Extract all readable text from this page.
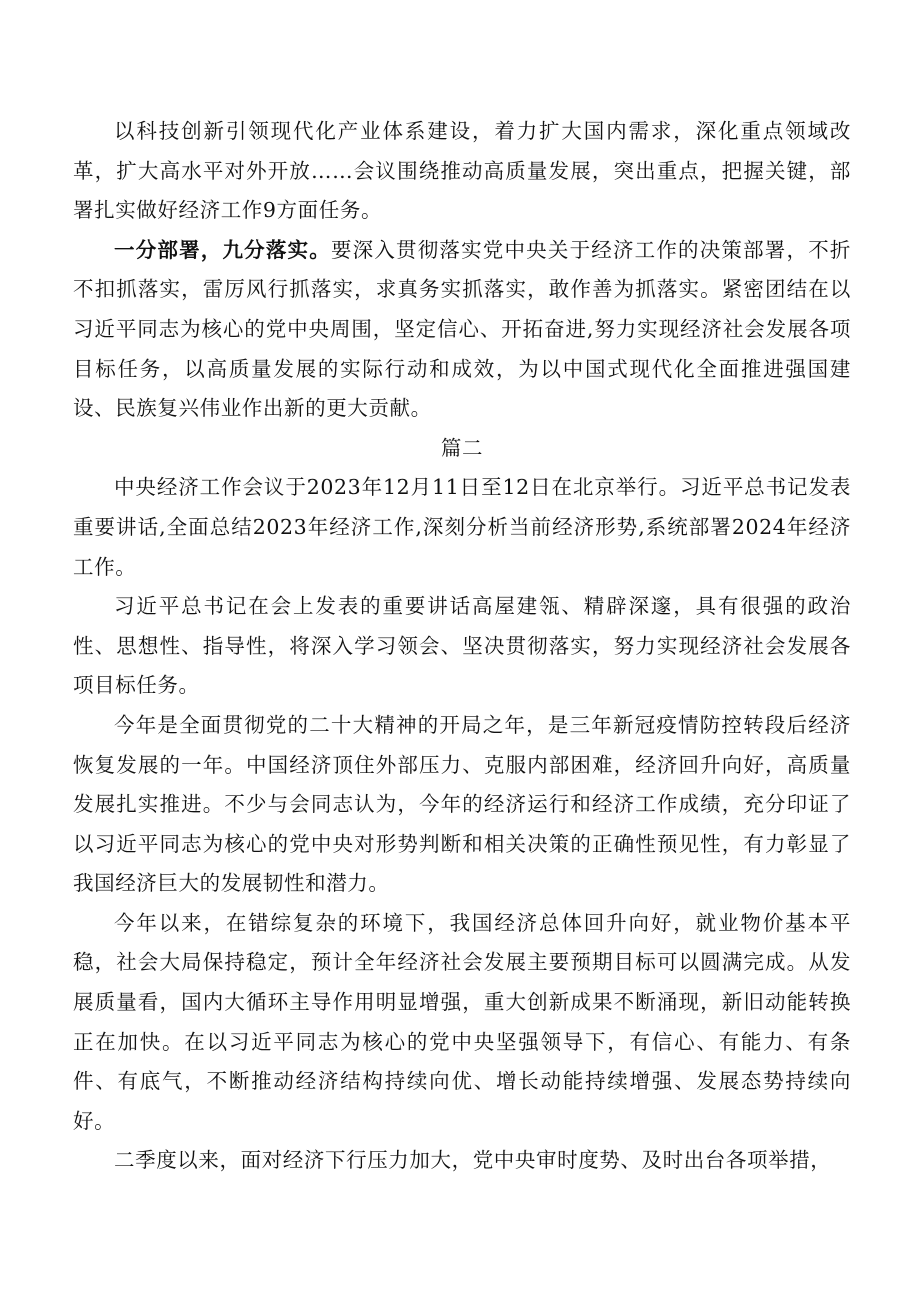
以科技创新引领现代化产业体系建设，着力扩大国内需求，深化重点领域改革，扩大高水平对外开放……会议围绕推动高质量发展，突出重点，把握关键，部署扎实做好经济工作9方面任务。

一分部署，九分落实。要深入贯彻落实党中央关于经济工作的决策部署，不折不扣抓落实，雷厉风行抓落实，求真务实抓落实，敢作善为抓落实。紧密团结在以习近平同志为核心的党中央周围，坚定信心、开拓奋进,努力实现经济社会发展各项目标任务，以高质量发展的实际行动和成效，为以中国式现代化全面推进强国建设、民族复兴伟业作出新的更大贡献。

篇二

中央经济工作会议于2023年12月11日至12日在北京举行。习近平总书记发表重要讲话,全面总结2023年经济工作,深刻分析当前经济形势,系统部署2024年经济工作。

习近平总书记在会上发表的重要讲话高屋建瓴、精辟深邃，具有很强的政治性、思想性、指导性，将深入学习领会、坚决贯彻落实，努力实现经济社会发展各项目标任务。

今年是全面贯彻党的二十大精神的开局之年，是三年新冠疫情防控转段后经济恢复发展的一年。中国经济顶住外部压力、克服内部困难，经济回升向好，高质量发展扎实推进。不少与会同志认为，今年的经济运行和经济工作成绩，充分印证了以习近平同志为核心的党中央对形势判断和相关决策的正确性预见性，有力彰显了我国经济巨大的发展韧性和潜力。

今年以来，在错综复杂的环境下，我国经济总体回升向好，就业物价基本平稳，社会大局保持稳定，预计全年经济社会发展主要预期目标可以圆满完成。从发展质量看，国内大循环主导作用明显增强，重大创新成果不断涌现，新旧动能转换正在加快。在以习近平同志为核心的党中央坚强领导下，有信心、有能力、有条件、有底气，不断推动经济结构持续向优、增长动能持续增强、发展态势持续向好。

二季度以来，面对经济下行压力加大，党中央审时度势、及时出台各项举措，
